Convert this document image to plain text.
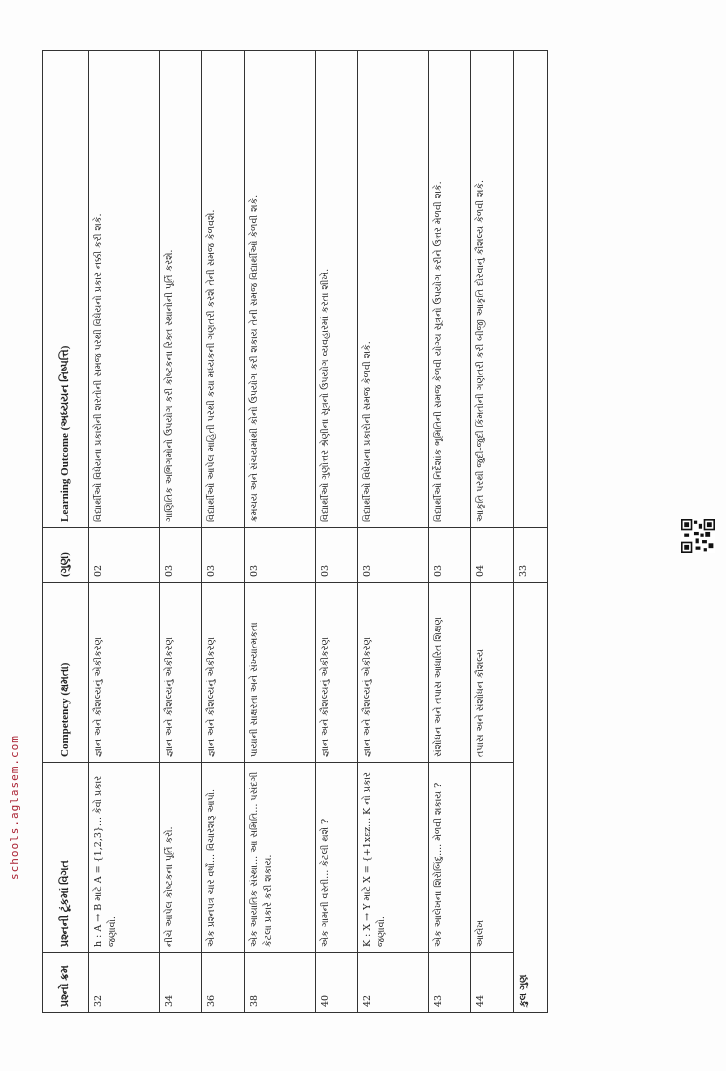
પ્રશ્નો ક્રમ	પ્રશ્નની ટૂંકમાં વિગત	Competency (ક્ષમતા)	(ગુણ)	Learning Outcome (અધ્યયન નિષ્પત્તિ)
32	h : A → B માટે A = {1,2,3}... કેવો પ્રકાર જણાવો.	જ્ઞાન અને કૌશલ્યનું એકીકરણ	02	વિદ્યાર્થીઓ વિધેયના પ્રકારોની શરતોની સમજ પરથી વિધેયનો પ્રકાર નક્કી કરી શકે.
34	નીચે આપેલ કોષ્ટકના પૂર્તિ કરો.	જ્ઞાન અને કૌશલ્યનું એકીકરણ	03	ગાણિતિક અભિગમોનો ઉપયોગ કરી કોષ્ટકના રિક્ત સ્થાનોની પૂર્તિ કરશે.
36	એક પ્રશ્નપત્ર ચાર વર્ષો... વિચારશરૂ આપો.	જ્ઞાન અને કૌશલ્યનું એકીકરણ	03	વિદ્યાર્થીઓ આપેલ માહિતી પરથી કયા મધ્યકની ગણતરી કરશે તેની સમજ કેળવશે.
38	એક આયાતિક સંસ્થા... આ સમિતિ... પસંદગી કેટલા પ્રકારે કરી શકાય.	પાયાની સાક્ષરતા અને સંખ્યાત્મકતા	03	ક્રમચય અને સંચયમાંથી કોનો ઉપયોગ કરી શકાય તેની સમજ વિદ્યાર્થીઓ કેળવી શકે.
40	એક ગામની વસ્તી... કેટલી થશે ?	જ્ઞાન અને કૌશલ્યનું એકીકરણ	03	વિદ્યાર્થીઓ ગુણોત્તર શ્રેણીના સૂત્રનો ઉપયોગ વ્યવહારમાં કરતા શીખે.
42	K : X → Y માટે X = {+1xεz... K નો પ્રકાર જણાવો.	જ્ઞાન અને કૌશલ્યનું એકીકરણ	03	વિદ્યાર્થીઓ વિધેયના પ્રકારોની સમજ કેળવી શકે.
43	એક આલેખના શિરોબિંદુ.... મેળવી શકાય ?	સંશોધન અને તપાસ આધારિત શિક્ષણ	03	વિદ્યાર્થીઓ નિર્દેશાંક ભૂમિતિની સમજ કેળવી યોગ્ય સૂત્રનો ઉપયોગ કરીને ઉત્તર મેળવી શકે.
44	આલેખ	તપાસ અને સંશોધન કૌશલ્ય	04	આકૃતિ પરથી જુદી-જુદી કિંમતોની ગણતરી કરી બીજી આકૃતિ દોરવાનું કૌશલ્ય કેળવી શકે.
કુલ ગુણ			33	
schools.aglasem.com
